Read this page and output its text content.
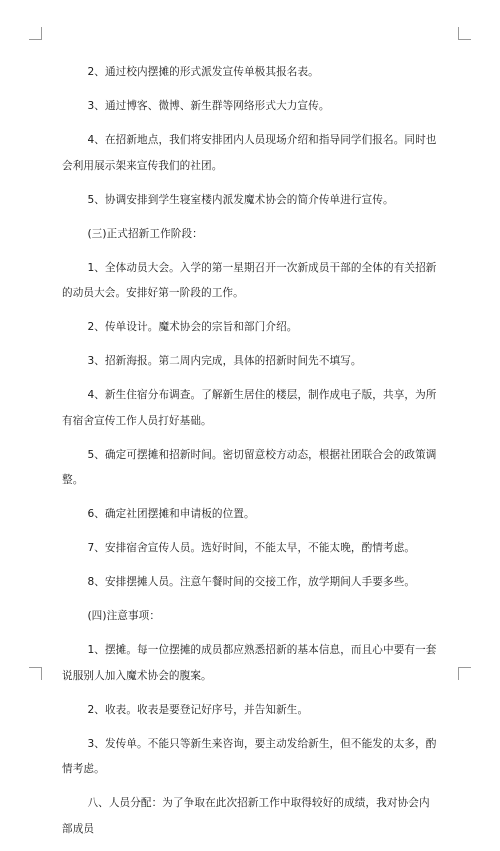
2、通过校内摆摊的形式派发宣传单极其报名表。

3、通过博客、微博、新生群等网络形式大力宣传。

4、在招新地点，我们将安排团内人员现场介绍和指导同学们报名。同时也会利用展示架来宣传我们的社团。

5、协调安排到学生寝室楼内派发魔术协会的简介传单进行宣传。

(三)正式招新工作阶段：

1、全体动员大会。入学的第一星期召开一次新成员干部的全体的有关招新的动员大会。安排好第一阶段的工作。

2、传单设计。魔术协会的宗旨和部门介绍。

3、招新海报。第二周内完成，具体的招新时间先不填写。

4、新生住宿分布调查。了解新生居住的楼层，制作成电子版，共享，为所有宿舍宣传工作人员打好基础。

5、确定可摆摊和招新时间。密切留意校方动态，根据社团联合会的政策调整。

6、确定社团摆摊和申请板的位置。

7、安排宿舍宣传人员。选好时间，不能太早，不能太晚，酌情考虑。

8、安排摆摊人员。注意午餐时间的交接工作，放学期间人手要多些。

(四)注意事项：

1、摆摊。每一位摆摊的成员都应熟悉招新的基本信息，而且心中要有一套说服别人加入魔术协会的腹案。

2、收表。收表是要登记好序号，并告知新生。

3、发传单。不能只等新生来咨询，要主动发给新生，但不能发的太多，酌情考虑。

八、人员分配：为了争取在此次招新工作中取得较好的成绩，我对协会内部成员
